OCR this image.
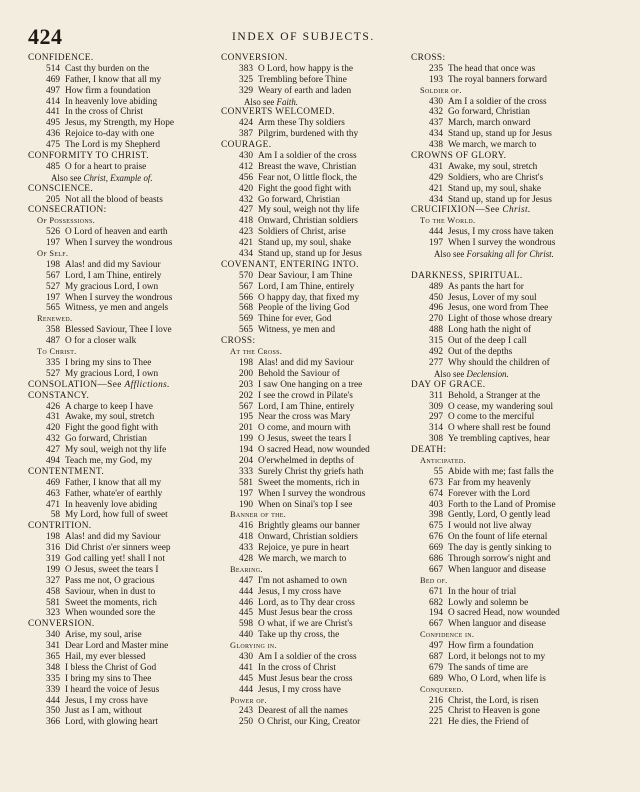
424	INDEX OF SUBJECTS.
CONFIDENCE.
514 Cast thy burden on the
469 Father, I know that all my
497 How firm a foundation
414 In heavenly love abiding
441 In the cross of Christ
495 Jesus, my Strength, my Hope
436 Rejoice to-day with one
475 The Lord is my Shepherd
CONFORMITY TO CHRIST.
485 O for a heart to praise
Also see Christ, Example of.
CONSCIENCE.
205 Not all the blood of beasts
CONSECRATION:
Of Possessions.
526 O Lord of heaven and earth
197 When I survey the wondrous
Of Self.
198 Alas! and did my Saviour
567 Lord, I am Thine, entirely
527 My gracious Lord, I own
197 When I survey the wondrous
565 Witness, ye men and angels
Renewed.
358 Blessed Saviour, Thee I love
487 O for a closer walk
To Christ.
335 I bring my sins to Thee
527 My gracious Lord, I own
CONSOLATION—See Afflictions.
CONSTANCY.
426 A charge to keep I have
431 Awake, my soul, stretch
420 Fight the good fight with
432 Go forward, Christian
427 My soul, weigh not thy life
494 Teach me, my God, my
CONTENTMENT.
469 Father, I know that all my
463 Father, whate'er of earthly
471 In heavenly love abiding
58 My Lord, how full of sweet
CONTRITION.
198 Alas! and did my Saviour
316 Did Christ o'er sinners weep
319 God calling yet! shall I not
199 O Jesus, sweet the tears I
327 Pass me not, O gracious
458 Saviour, when in dust to
581 Sweet the moments, rich
323 When wounded sore the
CONVERSION.
340 Arise, my soul, arise
341 Dear Lord and Master mine
365 Hail, my ever blessed
348 I bless the Christ of God
335 I bring my sins to Thee
339 I heard the voice of Jesus
444 Jesus, I my cross have
350 Just as I am, without
366 Lord, with glowing heart
CONVERSION.
383 O Lord, how happy is the
325 Trembling before Thine
329 Weary of earth and laden
Also see Faith.
CONVERTS WELCOMED.
424 Arm these Thy soldiers
387 Pilgrim, burdened with thy
COURAGE.
430 Am I a soldier of the cross
412 Breast the wave, Christian
456 Fear not, O little flock, the
420 Fight the good fight with
432 Go forward, Christian
427 My soul, weigh not thy life
418 Onward, Christian soldiers
423 Soldiers of Christ, arise
421 Stand up, my soul, shake
434 Stand up, stand up for Jesus
COVENANT, ENTERING INTO.
570 Dear Saviour, I am Thine
567 Lord, I am Thine, entirely
566 O happy day, that fixed my
568 People of the living God
569 Thine for ever, God
565 Witness, ye men and
CROSS:
At the Cross.
198 Alas! and did my Saviour
200 Behold the Saviour of
203 I saw One hanging on a tree
202 I see the crowd in Pilate's
567 Lord, I am Thine, entirely
195 Near the cross was Mary
201 O come, and mourn with
199 O Jesus, sweet the tears I
194 O sacred Head, now wounded
204 O'erwhelmed in depths of
333 Surely Christ thy griefs hath
581 Sweet the moments, rich in
197 When I survey the wondrous
190 When on Sinai's top I see
Banner of the.
416 Brightly gleams our banner
418 Onward, Christian soldiers
433 Rejoice, ye pure in heart
428 We march, we march to
Bearing.
447 I'm not ashamed to own
444 Jesus, I my cross have
446 Lord, as to Thy dear cross
445 Must Jesus bear the cross
598 O what, if we are Christ's
440 Take up thy cross, the
Glorying in.
430 Am I a soldier of the cross
441 In the cross of Christ
445 Must Jesus bear the cross
444 Jesus, I my cross have
Power of.
243 Dearest of all the names
250 O Christ, our King, Creator
CROSS:
235 The head that once was
193 The royal banners forward
Soldier of.
430 Am I a soldier of the cross
432 Go forward, Christian
437 March, march onward
434 Stand up, stand up for Jesus
438 We march, we march to
CROWNS OF GLORY.
431 Awake, my soul, stretch
429 Soldiers, who are Christ's
421 Stand up, my soul, shake
434 Stand up, stand up for Jesus
CRUCIFIXION—See Christ.
To the World.
444 Jesus, I my cross have taken
197 When I survey the wondrous
Also see Forsaking all for Christ.
DARKNESS, SPIRITUAL.
489 As pants the hart for
450 Jesus, Lover of my soul
496 Jesus, one word from Thee
270 Light of those whose dreary
488 Long hath the night of
315 Out of the deep I call
492 Out of the depths
277 Why should the children of
Also see Declension.
DAY OF GRACE.
311 Behold, a Stranger at the
309 O cease, my wandering soul
297 O come to the merciful
314 O where shall rest be found
308 Ye trembling captives, hear
DEATH:
Anticipated.
55 Abide with me; fast falls the
673 Far from my heavenly
674 Forever with the Lord
403 Forth to the Land of Promise
398 Gently, Lord, O gently lead
675 I would not live alway
676 On the fount of life eternal
669 The day is gently sinking to
686 Through sorrow's night and
667 When languor and disease
Bed of.
671 In the hour of trial
682 Lowly and solemn be
194 O sacred Head, now wounded
667 When languor and disease
Confidence in.
497 How firm a foundation
687 Lord, it belongs not to my
679 The sands of time are
689 Who, O Lord, when life is
Conquered.
216 Christ, the Lord, is risen
225 Christ to Heaven is gone
221 He dies, the Friend of
